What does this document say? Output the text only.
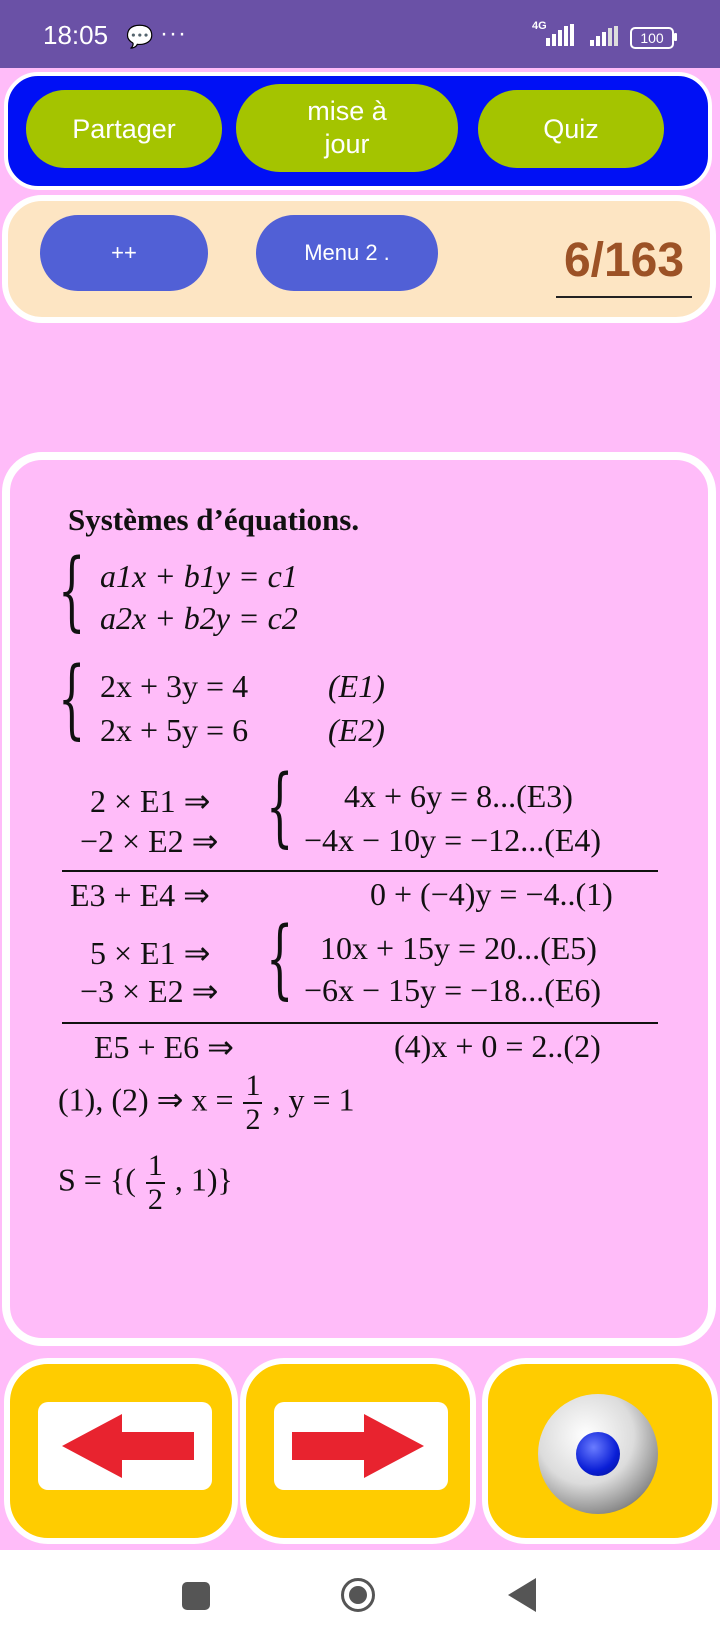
18:05 💬 ···	4G
100
Partager
mise à
jour
Quiz
++	Menu 2 .	6/163
Systèmes d’équations.
{ a1x + b1y = c1
a2x + b2y = c2
{ 2x + 3y = 4 (E1)
2x + 5y = 6 (E2)
2 × E1 ⇒
−2 × E2 ⇒ { 4x + 6y = 8...(E3)
−4x − 10y = −12...(E4)
E3 + E4 ⇒	0 + (−4)y = −4..(1)
5 × E1 ⇒
−3 × E2 ⇒ { 10x + 15y = 20...(E5)
−6x − 15y = −18...(E6)
E5 + E6 ⇒	(4)x + 0 = 2..(2)
(1), (2) ⇒ $x = \frac{1}{2}$ , y = 1
S = {( $\frac{1}{2}$ , 1)}
